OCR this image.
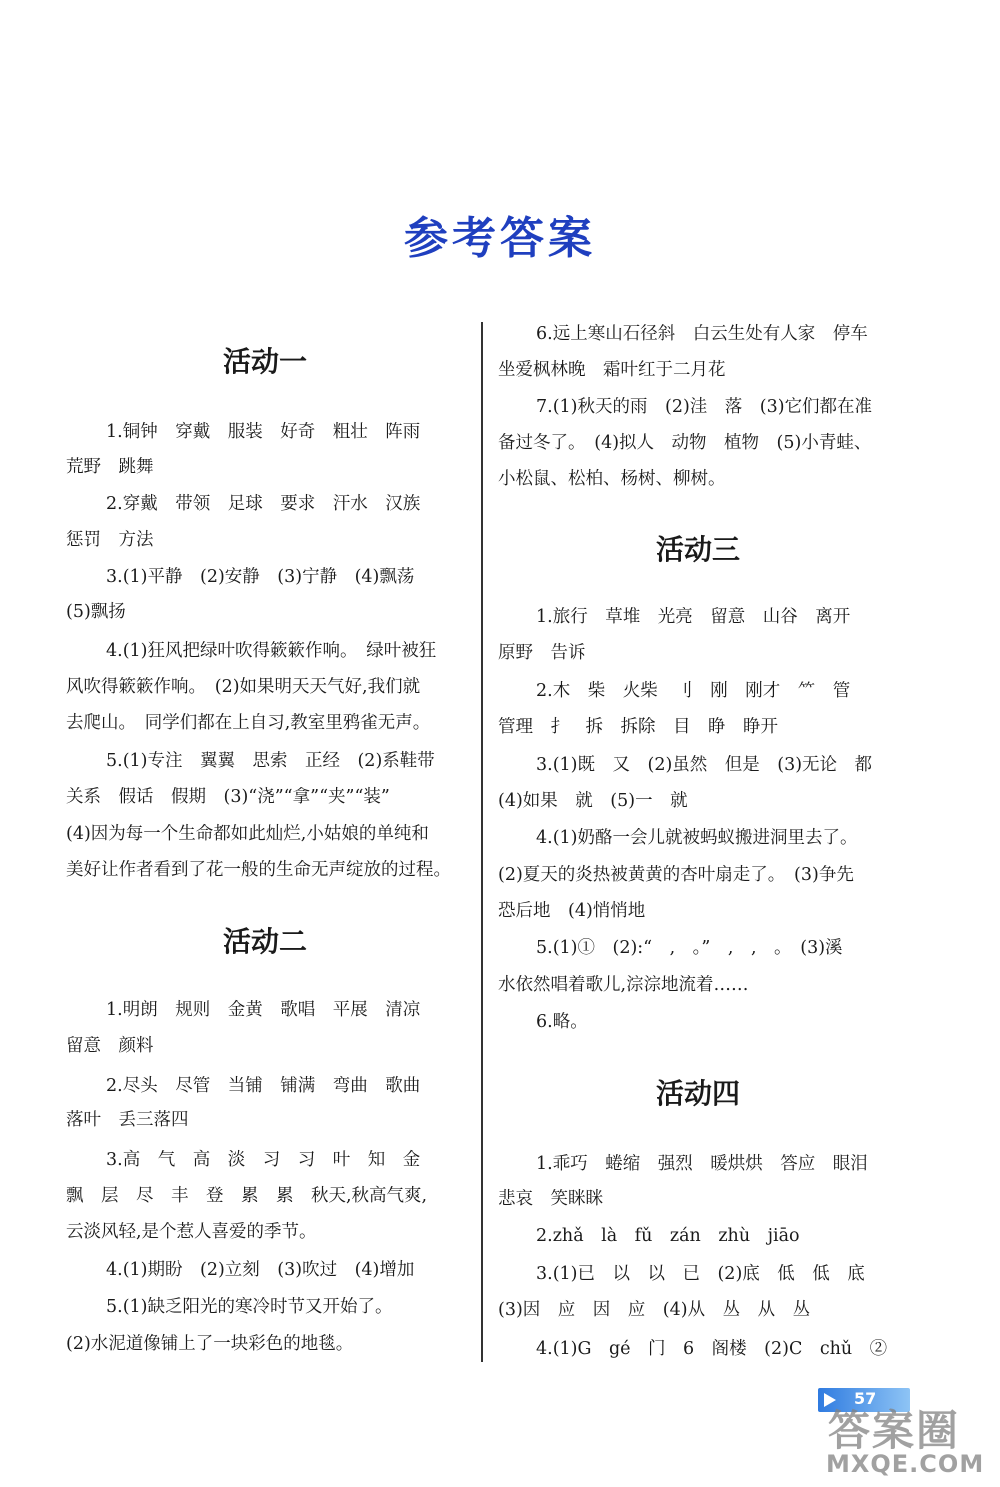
参考答案
活动一
1.铜钟　穿戴　服装　好奇　粗壮　阵雨
荒野　跳舞
2.穿戴　带领　足球　要求　汗水　汉族
惩罚　方法
3.(1)平静　(2)安静　(3)宁静　(4)飘荡
(5)飘扬
4.(1)狂风把绿叶吹得簌簌作响。　绿叶被狂
风吹得簌簌作响。　(2)如果明天天气好,我们就
去爬山。　同学们都在上自习,教室里鸦雀无声。
5.(1)专注　翼翼　思索　正经　(2)系鞋带
关系　假话　假期　(3)“浇”“拿”“夹”“装”
(4)因为每一个生命都如此灿烂,小姑娘的单纯和
美好让作者看到了花一般的生命无声绽放的过程。
活动二
1.明朗　规则　金黄　歌唱　平展　清凉
留意　颜料
2.尽头　尽管　当铺　铺满　弯曲　歌曲
落叶　丢三落四
3.高　气　高　淡　习　习　叶　知　金
飘　层　尽　丰　登　累　累　秋天,秋高气爽,
云淡风轻,是个惹人喜爱的季节。
4.(1)期盼　(2)立刻　(3)吹过　(4)增加
5.(1)缺乏阳光的寒冷时节又开始了。
(2)水泥道像铺上了一块彩色的地毯。
6.远上寒山石径斜　白云生处有人家　停车
坐爱枫林晚　霜叶红于二月花
7.(1)秋天的雨　(2)洼　落　(3)它们都在准
备过冬了。　(4)拟人　动物　植物　(5)小青蛙、
小松鼠、松柏、杨树、柳树。
活动三
1.旅行　草堆　光亮　留意　山谷　离开
原野　告诉
2.木　柴　火柴　刂　刚　刚才　⺮　管
管理　扌　拆　拆除　目　睁　睁开
3.(1)既　又　(2)虽然　但是　(3)无论　都
(4)如果　就　(5)一　就
4.(1)奶酪一会儿就被蚂蚁搬进洞里去了。
(2)夏天的炎热被黄黄的杏叶扇走了。　(3)争先
恐后地　(4)悄悄地
5.(1)①　(2):“　,　。”　,　,　。　(3)溪
水依然唱着歌儿,淙淙地流着……
6.略。
活动四
1.乖巧　蜷缩　强烈　暖烘烘　答应　眼泪
悲哀　笑眯眯
2.zhǎ　là　fǔ　zán　zhù　jiāo
3.(1)已　以　以　已　(2)底　低　低　底
(3)因　应　因　应　(4)从　丛　从　丛
4.(1)G　gé　门　6　阁楼　(2)C　chǔ　②
57
答案圈
MXQE.COM
